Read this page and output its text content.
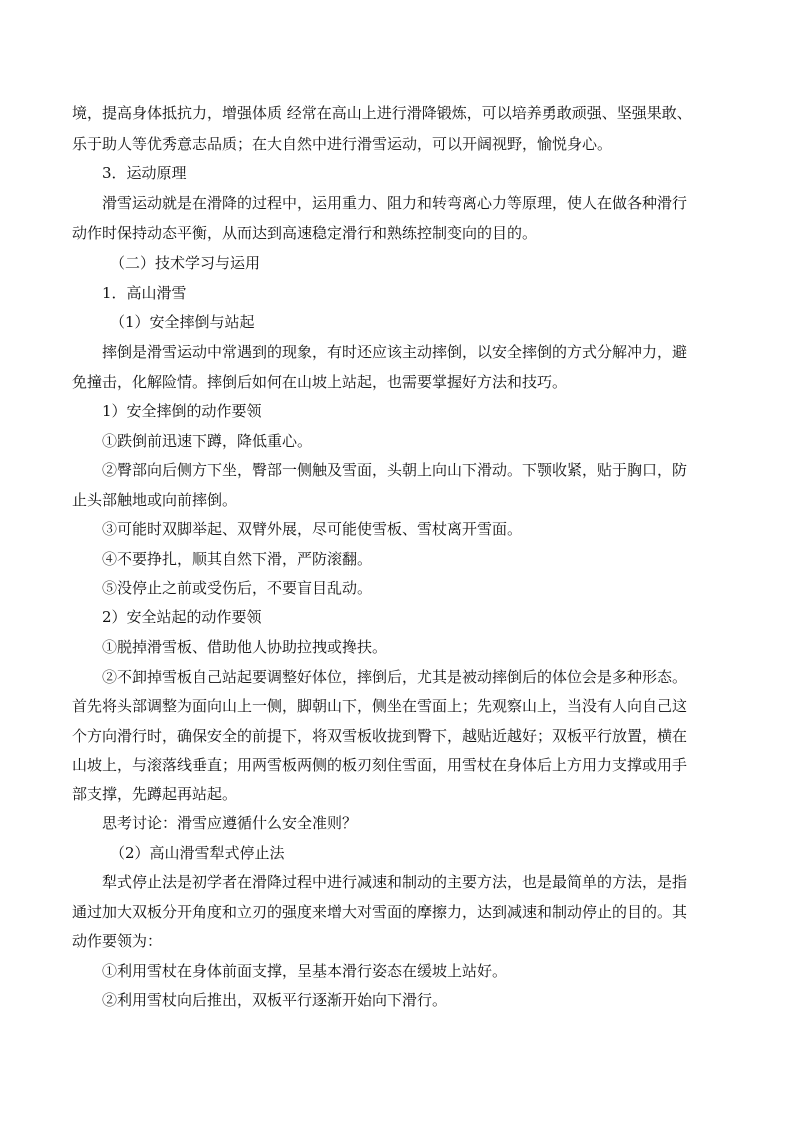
境，提高身体抵抗力，增强体质 经常在高山上进行滑降锻炼，可以培养勇敢顽强、坚强果敢、
乐于助人等优秀意志品质；在大自然中进行滑雪运动，可以开阔视野，愉悦身心。
3．运动原理
滑雪运动就是在滑降的过程中，运用重力、阻力和转弯离心力等原理，使人在做各种滑行
动作时保持动态平衡，从而达到高速稳定滑行和熟练控制变向的目的。
（二）技术学习与运用
1．高山滑雪
（1）安全摔倒与站起
摔倒是滑雪运动中常遇到的现象，有时还应该主动摔倒，以安全摔倒的方式分解冲力，避
免撞击，化解险情。摔倒后如何在山坡上站起，也需要掌握好方法和技巧。
1）安全摔倒的动作要领
①跌倒前迅速下蹲，降低重心。
②臀部向后侧方下坐，臀部一侧触及雪面，头朝上向山下滑动。下颚收紧，贴于胸口，防
止头部触地或向前摔倒。
③可能时双脚举起、双臂外展，尽可能使雪板、雪杖离开雪面。
④不要挣扎，顺其自然下滑，严防滚翻。
⑤没停止之前或受伤后，不要盲目乱动。
2）安全站起的动作要领
①脱掉滑雪板、借助他人协助拉拽或搀扶。
②不卸掉雪板自己站起要调整好体位，摔倒后，尤其是被动摔倒后的体位会是多种形态。
首先将头部调整为面向山上一侧，脚朝山下，侧坐在雪面上；先观察山上，当没有人向自己这
个方向滑行时，确保安全的前提下，将双雪板收拢到臀下，越贴近越好；双板平行放置，横在
山坡上，与滚落线垂直；用两雪板两侧的板刃刻住雪面，用雪杖在身体后上方用力支撑或用手
部支撑，先蹲起再站起。
思考讨论：滑雪应遵循什么安全准则？
（2）高山滑雪犁式停止法
犁式停止法是初学者在滑降过程中进行减速和制动的主要方法，也是最简单的方法，是指
通过加大双板分开角度和立刃的强度来增大对雪面的摩擦力，达到减速和制动停止的目的。其
动作要领为：
①利用雪杖在身体前面支撑，呈基本滑行姿态在缓坡上站好。
②利用雪杖向后推出，双板平行逐渐开始向下滑行。
